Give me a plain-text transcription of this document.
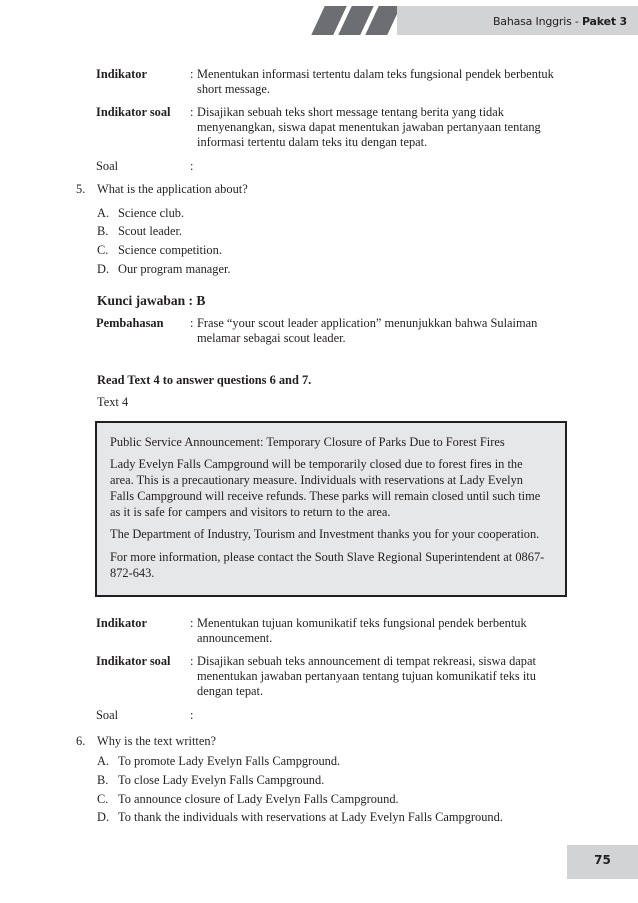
Bahasa Inggris - Paket 3
Indikator	: Menentukan informasi tertentu dalam teks fungsional pendek berbentuk
short message.
Indikator soal : Disajikan sebuah teks short message tentang berita yang tidak
menyenangkan, siswa dapat menentukan jawaban pertanyaan tentang
informasi tertentu dalam teks itu dengan tepat.
Soal	:
5. What is the application about?
A. Science club.
B. Scout leader.
C. Science competition.
D. Our program manager.
Kunci jawaban : B
Pembahasan : Frase “your scout leader application” menunjukkan bahwa Sulaiman
melamar sebagai scout leader.
Read Text 4 to answer questions 6 and 7.
Text 4

Public Service Announcement: Temporary Closure of Parks Due to Forest Fires

Lady Evelyn Falls Campground will be temporarily closed due to forest fires in the
area. This is a precautionary measure. Individuals with reservations at Lady Evelyn
Falls Campground will receive refunds. These parks will remain closed until such time
as it is safe for campers and visitors to return to the area.

The Department of Industry, Tourism and Investment thanks you for your cooperation.

For more information, please contact the South Slave Regional Superintendent at 0867-
872-643.

Indikator	: Menentukan tujuan komunikatif teks fungsional pendek berbentuk
announcement.
Indikator soal : Disajikan sebuah teks announcement di tempat rekreasi, siswa dapat
menentukan jawaban pertanyaan tentang tujuan komunikatif teks itu
dengan tepat.
Soal	:
6. Why is the text written?
A. To promote Lady Evelyn Falls Campground.
B. To close Lady Evelyn Falls Campground.
C. To announce closure of Lady Evelyn Falls Campground.
D. To thank the individuals with reservations at Lady Evelyn Falls Campground.
75
